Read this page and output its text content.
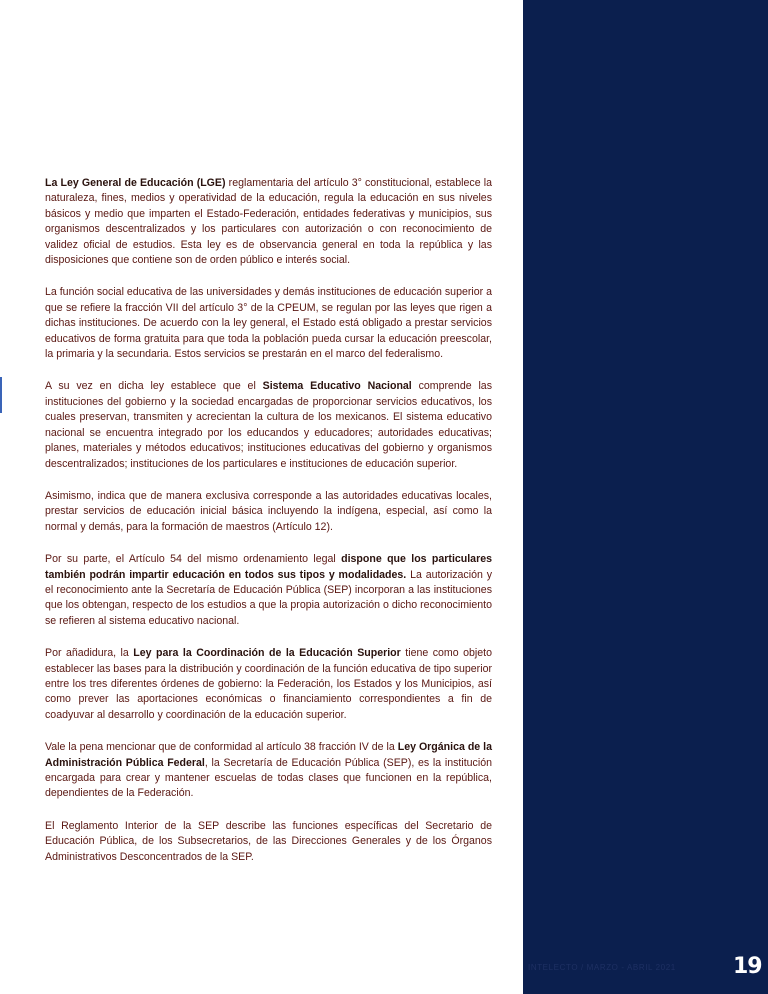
La Ley General de Educación (LGE) reglamentaria del artículo 3° constitucional, establece la naturaleza, fines, medios y operatividad de la educación, regula la educación en sus niveles básicos y medio que imparten el Estado-Federación, entidades federativas y municipios, sus organismos descentralizados y los particulares con autorización o con reconocimiento de validez oficial de estudios. Esta ley es de observancia general en toda la república y las disposiciones que contiene son de orden público e interés social.

La función social educativa de las universidades y demás instituciones de educación superior a que se refiere la fracción VII del artículo 3° de la CPEUM, se regulan por las leyes que rigen a dichas instituciones. De acuerdo con la ley general, el Estado está obligado a prestar servicios educativos de forma gratuita para que toda la población pueda cursar la educación preescolar, la primaria y la secundaria. Estos servicios se prestarán en el marco del federalismo.

A su vez en dicha ley establece que el Sistema Educativo Nacional comprende las instituciones del gobierno y la sociedad encargadas de proporcionar servicios educativos, los cuales preservan, transmiten y acrecientan la cultura de los mexicanos. El sistema educativo nacional se encuentra integrado por los educandos y educadores; autoridades educativas; planes, materiales y métodos educativos; instituciones educativas del gobierno y organismos descentralizados; instituciones de los particulares e instituciones de educación superior.

Asimismo, indica que de manera exclusiva corresponde a las autoridades educativas locales, prestar servicios de educación inicial básica incluyendo la indígena, especial, así como la normal y demás, para la formación de maestros (Artículo 12).

Por su parte, el Artículo 54 del mismo ordenamiento legal dispone que los particulares también podrán impartir educación en todos sus tipos y modalidades. La autorización y el reconocimiento ante la Secretaría de Educación Pública (SEP) incorporan a las instituciones que los obtengan, respecto de los estudios a que la propia autorización o dicho reconocimiento se refieren al sistema educativo nacional.

Por añadidura, la Ley para la Coordinación de la Educación Superior tiene como objeto establecer las bases para la distribución y coordinación de la función educativa de tipo superior entre los tres diferentes órdenes de gobierno: la Federación, los Estados y los Municipios, así como prever las aportaciones económicas o financiamiento correspondientes a fin de coadyuvar al desarrollo y coordinación de la educación superior.

Vale la pena mencionar que de conformidad al artículo 38 fracción IV de la Ley Orgánica de la Administración Pública Federal, la Secretaría de Educación Pública (SEP), es la institución encargada para crear y mantener escuelas de todas clases que funcionen en la república, dependientes de la Federación.

El Reglamento Interior de la SEP describe las funciones específicas del Secretario de Educación Pública, de los Subsecretarios, de las Direcciones Generales y de los Órganos Administrativos Desconcentrados de la SEP.

INTELECTO / MARZO - ABRIL 2021	19
